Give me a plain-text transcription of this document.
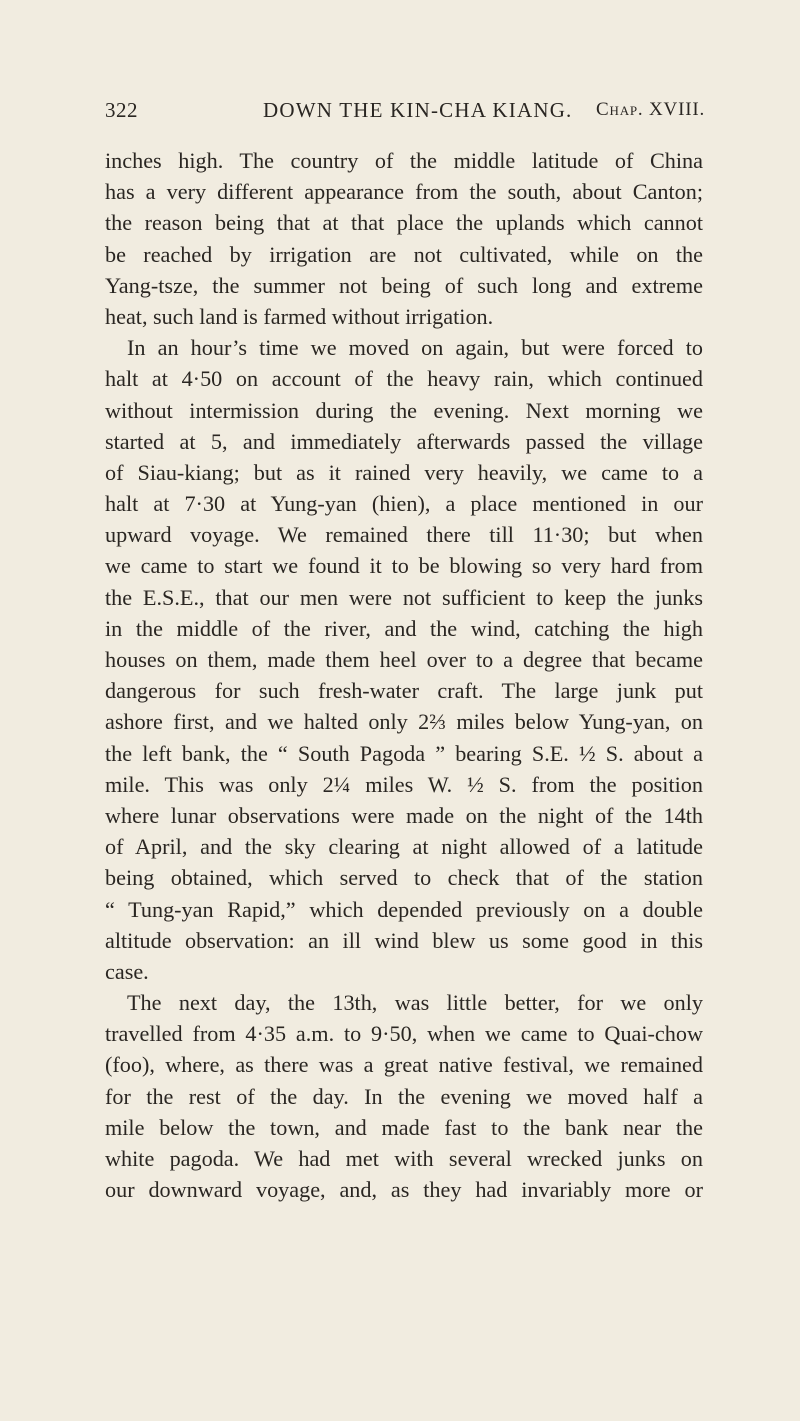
322	DOWN THE KIN-CHA KIANG. Chap. XVIII.
inches high. The country of the middle latitude of China
has a very different appearance from the south, about Canton;
the reason being that at that place the uplands which cannot
be reached by irrigation are not cultivated, while on the
Yang-tsze, the summer not being of such long and extreme
heat, such land is farmed without irrigation.
In an hour’s time we moved on again, but were forced to
halt at 4·50 on account of the heavy rain, which continued
without intermission during the evening. Next morning we
started at 5, and immediately afterwards passed the village
of Siau-kiang; but as it rained very heavily, we came to a
halt at 7·30 at Yung-yan (hien), a place mentioned in our
upward voyage. We remained there till 11·30; but when
we came to start we found it to be blowing so very hard from
the E.S.E., that our men were not sufficient to keep the junks
in the middle of the river, and the wind, catching the high
houses on them, made them heel over to a degree that became
dangerous for such fresh-water craft. The large junk put
ashore first, and we halted only 2⅔ miles below Yung-yan, on
the left bank, the “ South Pagoda ” bearing S.E. ½ S. about a
mile. This was only 2¼ miles W. ½ S. from the position
where lunar observations were made on the night of the 14th
of April, and the sky clearing at night allowed of a latitude
being obtained, which served to check that of the station
“ Tung-yan Rapid,” which depended previously on a double
altitude observation: an ill wind blew us some good in this
case.
The next day, the 13th, was little better, for we only
travelled from 4·35 a.m. to 9·50, when we came to Quai-chow
(foo), where, as there was a great native festival, we remained
for the rest of the day. In the evening we moved half a
mile below the town, and made fast to the bank near the
white pagoda. We had met with several wrecked junks on
our downward voyage, and, as they had invariably more or
